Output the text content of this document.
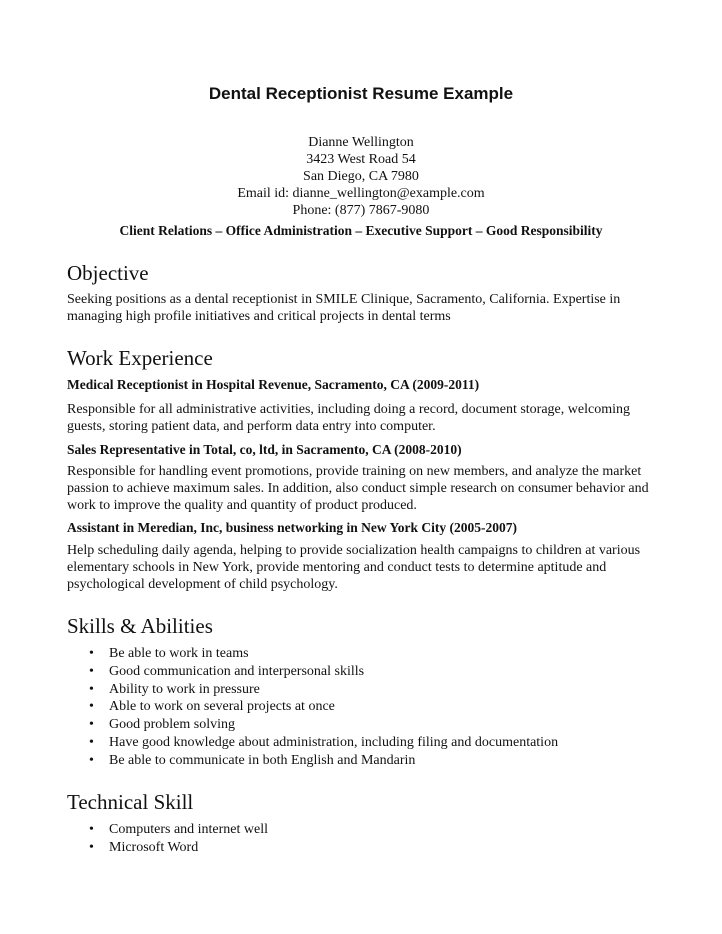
Dental Receptionist Resume Example
Dianne Wellington
3423 West Road 54
San Diego, CA 7980
Email id: dianne_wellington@example.com
Phone: (877) 7867-9080
Client Relations – Office Administration – Executive Support – Good Responsibility
Objective
Seeking positions as a dental receptionist in SMILE Clinique, Sacramento, California. Expertise in managing high profile initiatives and critical projects in dental terms
Work Experience
Medical Receptionist in Hospital Revenue, Sacramento, CA (2009-2011)
Responsible for all administrative activities, including doing a record, document storage, welcoming guests, storing patient data, and perform data entry into computer.
Sales Representative in Total, co, ltd, in Sacramento, CA (2008-2010)
Responsible for handling event promotions, provide training on new members, and analyze the market passion to achieve maximum sales. In addition, also conduct simple research on consumer behavior and work to improve the quality and quantity of product produced.
Assistant in Meredian, Inc, business networking in New York City (2005-2007)
Help scheduling daily agenda, helping to provide socialization health campaigns to children at various elementary schools in New York, provide mentoring and conduct tests to determine aptitude and psychological development of child psychology.
Skills & Abilities
• Be able to work in teams
• Good communication and interpersonal skills
• Ability to work in pressure
• Able to work on several projects at once
• Good problem solving
• Have good knowledge about administration, including filing and documentation
• Be able to communicate in both English and Mandarin
Technical Skill
• Computers and internet well
• Microsoft Word
